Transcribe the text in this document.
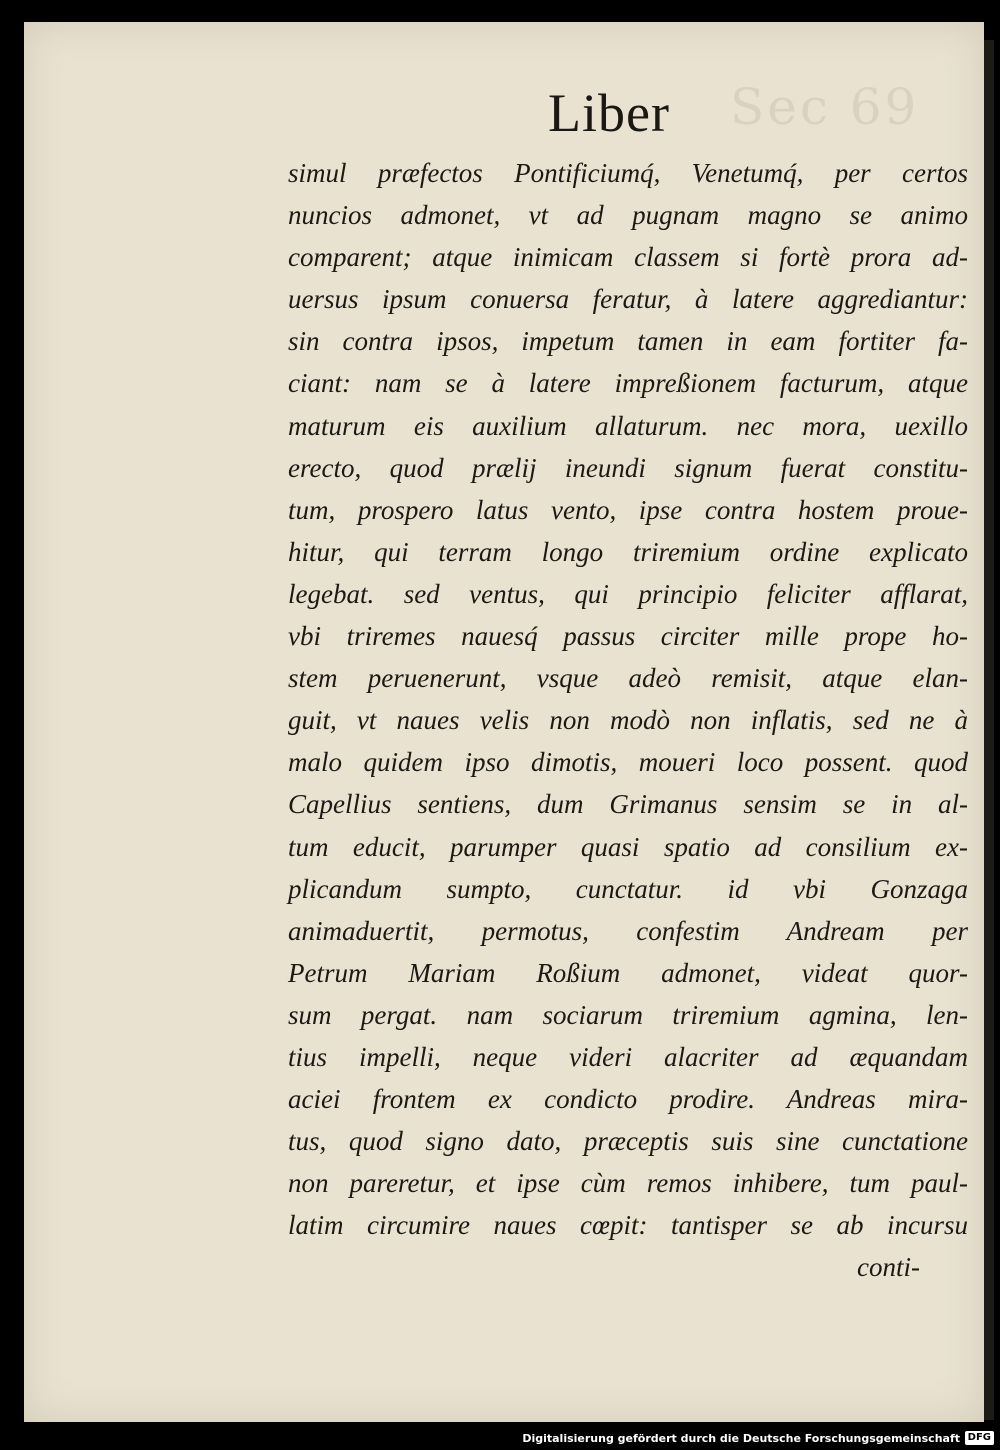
Sec 69
Liber
simul præfectos Pontificiumq́, Venetumq́, per certos
nuncios admonet, vt ad pugnam magno se animo
comparent; atque inimicam classem si fortè prora ad-
uersus ipsum conuersa feratur, à latere aggrediantur:
sin contra ipsos, impetum tamen in eam fortiter fa-
ciant: nam se à latere impreßionem facturum, atque
maturum eis auxilium allaturum. nec mora, uexillo
erecto, quod prælij ineundi signum fuerat constitu-
tum, prospero latus vento, ipse contra hostem proue-
hitur, qui terram longo triremium ordine explicato
legebat. sed ventus, qui principio feliciter afflarat,
vbi triremes nauesq́ passus circiter mille prope ho-
stem peruenerunt, vsque adeò remisit, atque elan-
guit, vt naues velis non modò non inflatis, sed ne à
malo quidem ipso dimotis, moueri loco possent. quod
Capellius sentiens, dum Grimanus sensim se in al-
tum educit, parumper quasi spatio ad consilium ex-
plicandum sumpto, cunctatur. id vbi Gonzaga
animaduertit, permotus, confestim Andream per
Petrum Mariam Roßium admonet, videat quor-
sum pergat. nam sociarum triremium agmina, len-
tius impelli, neque videri alacriter ad æquandam
aciei frontem ex condicto prodire. Andreas mira-
tus, quod signo dato, præceptis suis sine cunctatione
non pareretur, et ipse cùm remos inhibere, tum paul-
latim circumire naues cœpit: tantisper se ab incursu
conti-
Digitalisierung gefördert durch die Deutsche Forschungsgemeinschaft DFG
